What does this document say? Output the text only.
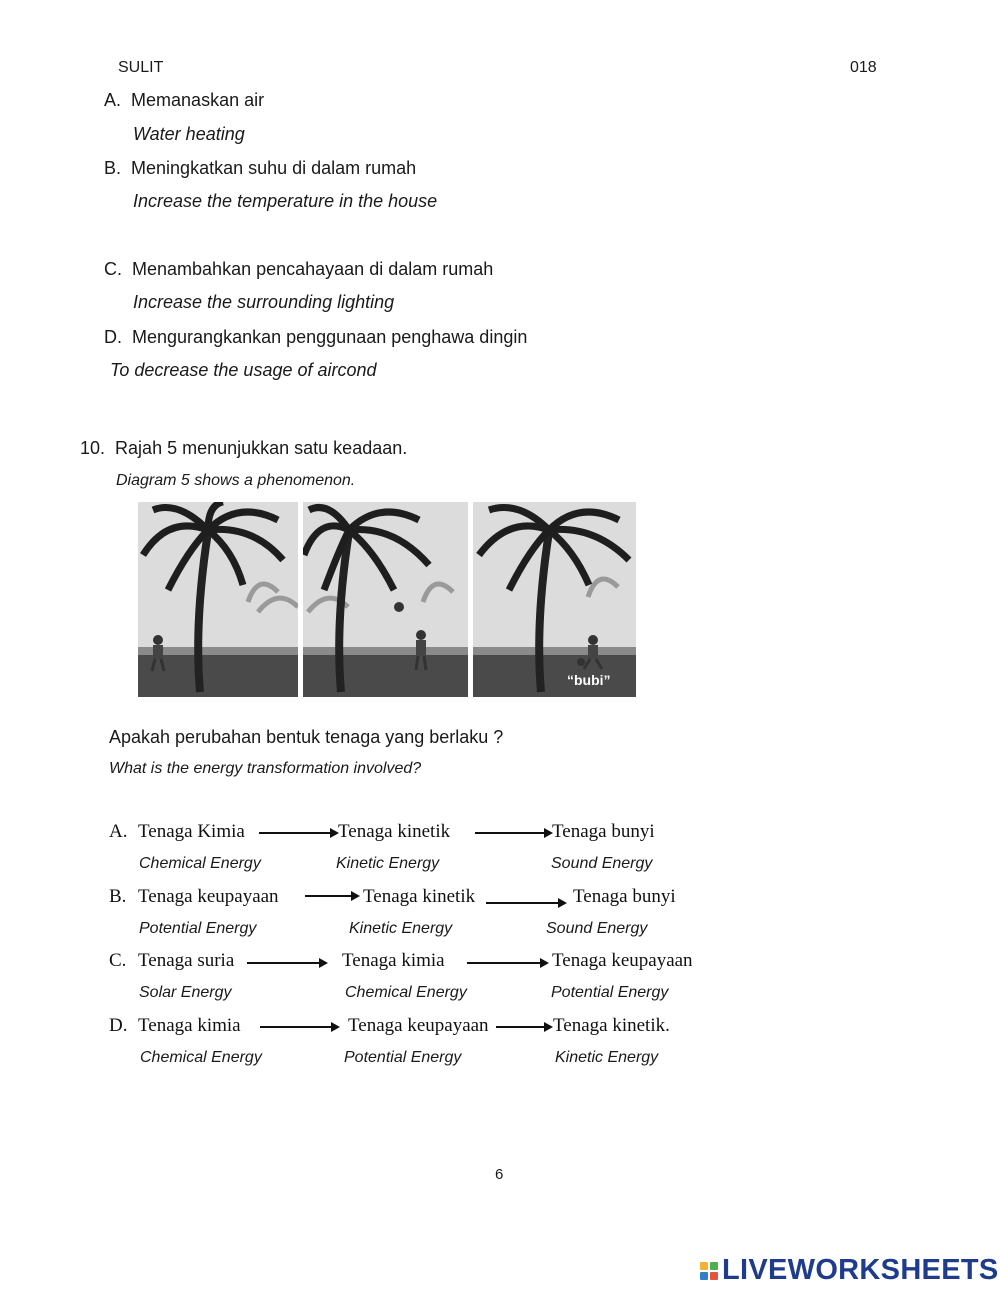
SULIT	018
A. Memanaskan air
Water heating
B. Meningkatkan suhu di dalam rumah
Increase the temperature in the house
C. Menambahkan pencahayaan di dalam rumah
Increase the surrounding lighting
D. Mengurangkankan penggunaan penghawa dingin
To decrease the usage of aircond
10. Rajah 5 menunjukkan satu keadaan.
Diagram 5 shows a phenomenon.
“bubi”
Apakah perubahan bentuk tenaga yang berlaku ?
What is the energy transformation involved?
A. Tenaga Kimia	Tenaga kinetik	Tenaga bunyi
Chemical Energy	Kinetic Energy	Sound Energy
B. Tenaga keupayaan	Tenaga kinetik	Tenaga bunyi
Potential Energy	Kinetic Energy	Sound Energy
C. Tenaga suria	Tenaga kimia	Tenaga keupayaan
Solar Energy	Chemical Energy	Potential Energy
D. Tenaga kimia	Tenaga keupayaan	Tenaga kinetik.
Chemical Energy	Potential Energy	Kinetic Energy
6
LIVEWORKSHEETS
